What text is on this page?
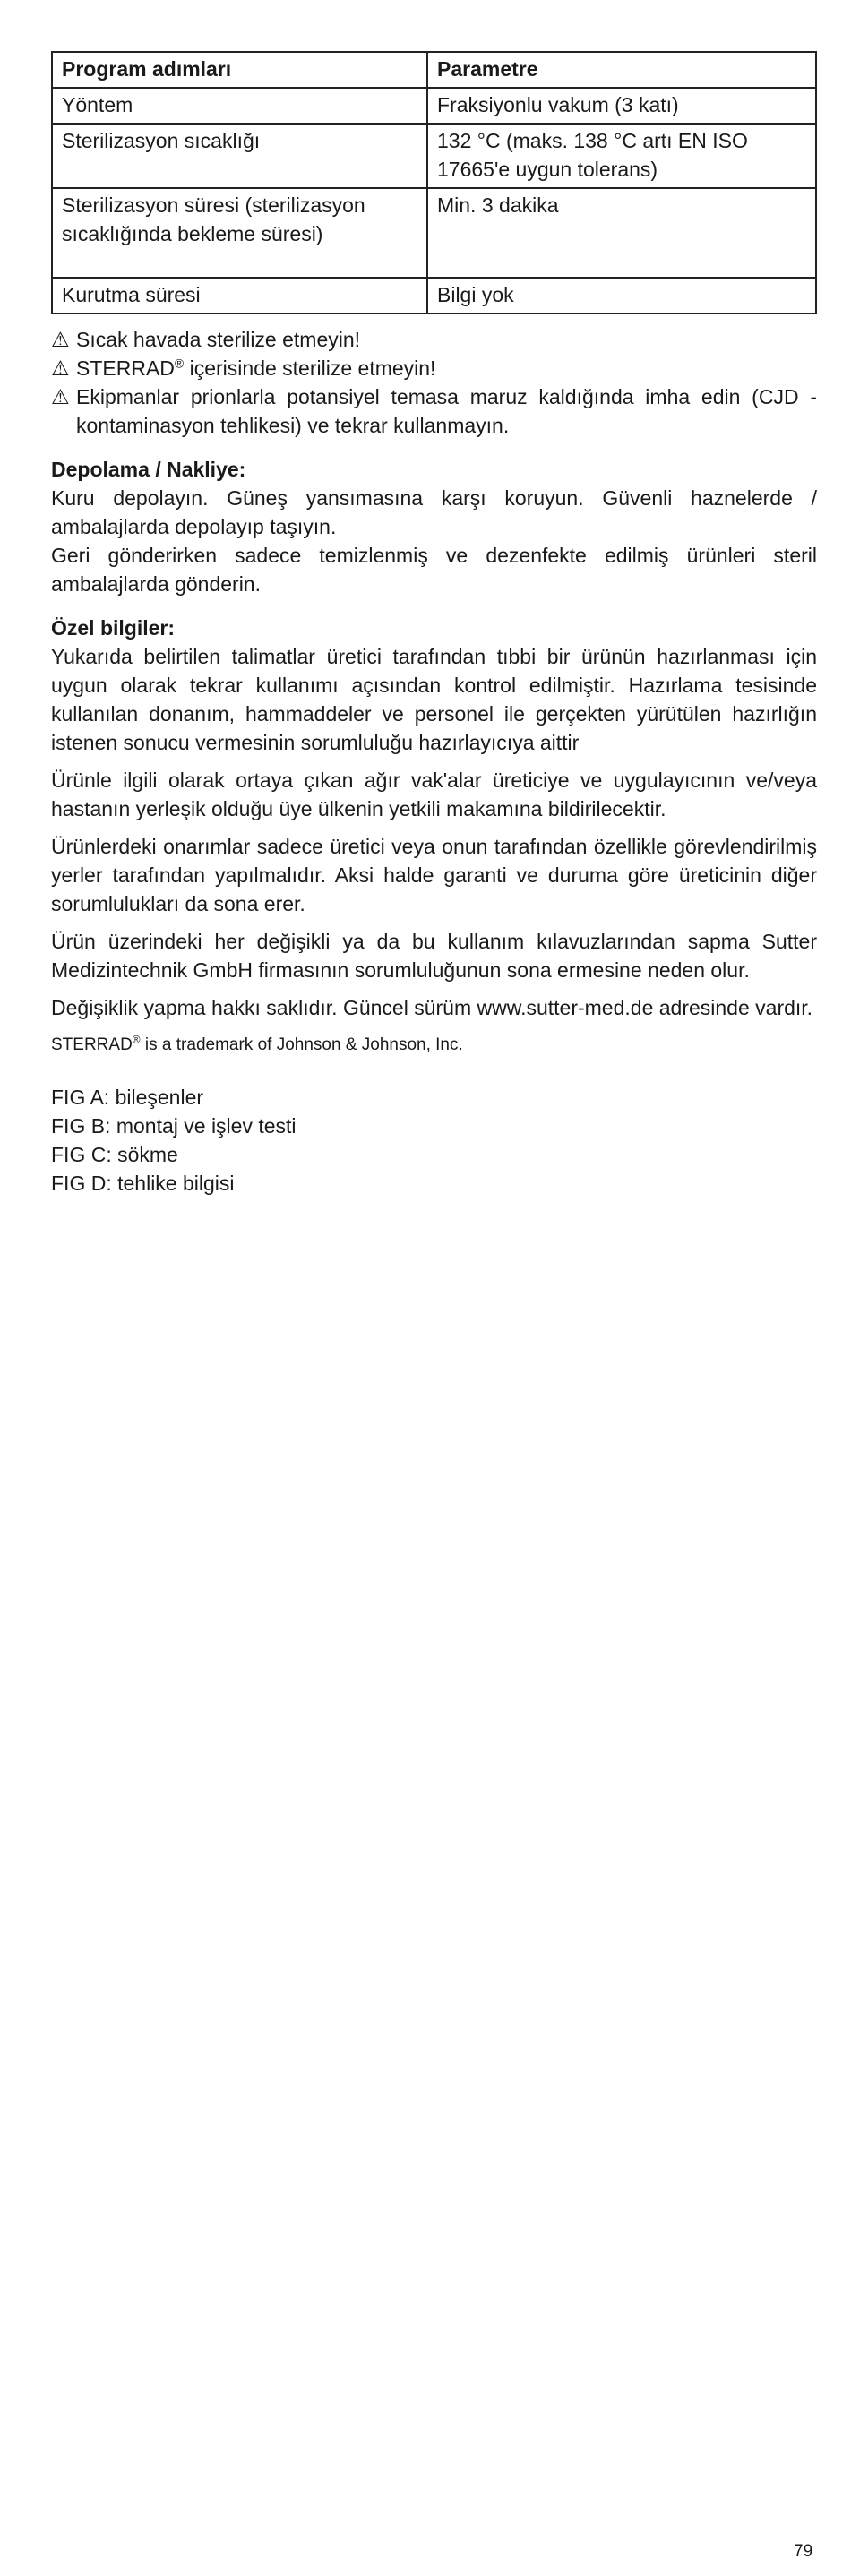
Program adımları	Parametre
Yöntem	Fraksiyonlu vakum (3 katı)
Sterilizasyon sıcaklığı	132 °C (maks. 138 °C artı EN ISO 17665'e uygun tolerans)
Sterilizasyon süresi (sterilizasyon sıcaklığında bekleme süresi)	Min. 3 dakika
Kurutma süresi	Bilgi yok
⚠ Sıcak havada sterilize etmeyin!
⚠ STERRAD® içerisinde sterilize etmeyin!
⚠ Ekipmanlar prionlarla potansiyel temasa maruz kaldığında imha edin (CJD - kontaminasyon tehlikesi) ve tekrar kullanmayın.
Depolama / Nakliye:
Kuru depolayın. Güneş yansımasına karşı koruyun. Güvenli haznelerde / ambalajlarda depolayıp taşıyın.
Geri gönderirken sadece temizlenmiş ve dezenfekte edilmiş ürünleri steril ambalajlarda gönderin.
Özel bilgiler:
Yukarıda belirtilen talimatlar üretici tarafından tıbbi bir ürünün hazırlanması için uygun olarak tekrar kullanımı açısından kontrol edilmiştir. Hazırlama tesisinde kullanılan donanım, hammaddeler ve personel ile gerçekten yürütülen hazırlığın istenen sonucu vermesinin sorumluluğu hazırlayıcıya aittir
Ürünle ilgili olarak ortaya çıkan ağır vak'alar üreticiye ve uygulayıcının ve/veya hastanın yerleşik olduğu üye ülkenin yetkili makamına bildirilecektir.
Ürünlerdeki onarımlar sadece üretici veya onun tarafından özellikle görevlendirilmiş yerler tarafından yapılmalıdır. Aksi halde garanti ve duruma göre üreticinin diğer sorumlulukları da sona erer.
Ürün üzerindeki her değişikli ya da bu kullanım kılavuzlarından sapma Sutter Medizintechnik GmbH firmasının sorumluluğunun sona ermesine neden olur.
Değişiklik yapma hakkı saklıdır. Güncel sürüm www.sutter-med.de adresinde vardır.
STERRAD® is a trademark of Johnson & Johnson, Inc.
FIG A: bileşenler
FIG B: montaj ve işlev testi
FIG C: sökme
FIG D: tehlike bilgisi
79
